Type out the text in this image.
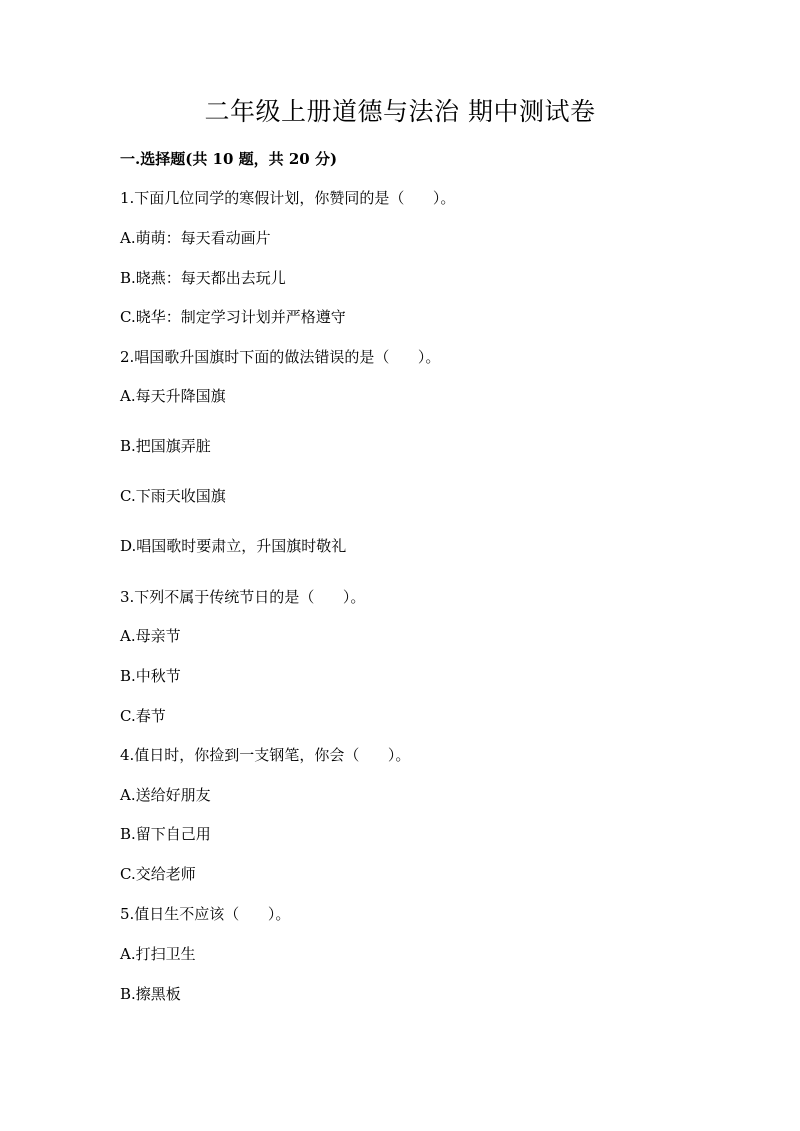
二年级上册道德与法治 期中测试卷
一.选择题(共 10 题，共 20 分)
1.下面几位同学的寒假计划，你赞同的是（      ）。
A.萌萌：每天看动画片
B.晓燕：每天都出去玩儿
C.晓华：制定学习计划并严格遵守
2.唱国歌升国旗时下面的做法错误的是（      ）。
A.每天升降国旗
B.把国旗弄脏
C.下雨天收国旗
D.唱国歌时要肃立，升国旗时敬礼
3.下列不属于传统节日的是（      ）。
A.母亲节
B.中秋节
C.春节
4.值日时，你捡到一支钢笔，你会（      ）。
A.送给好朋友
B.留下自己用
C.交给老师
5.值日生不应该（      ）。
A.打扫卫生
B.擦黑板
